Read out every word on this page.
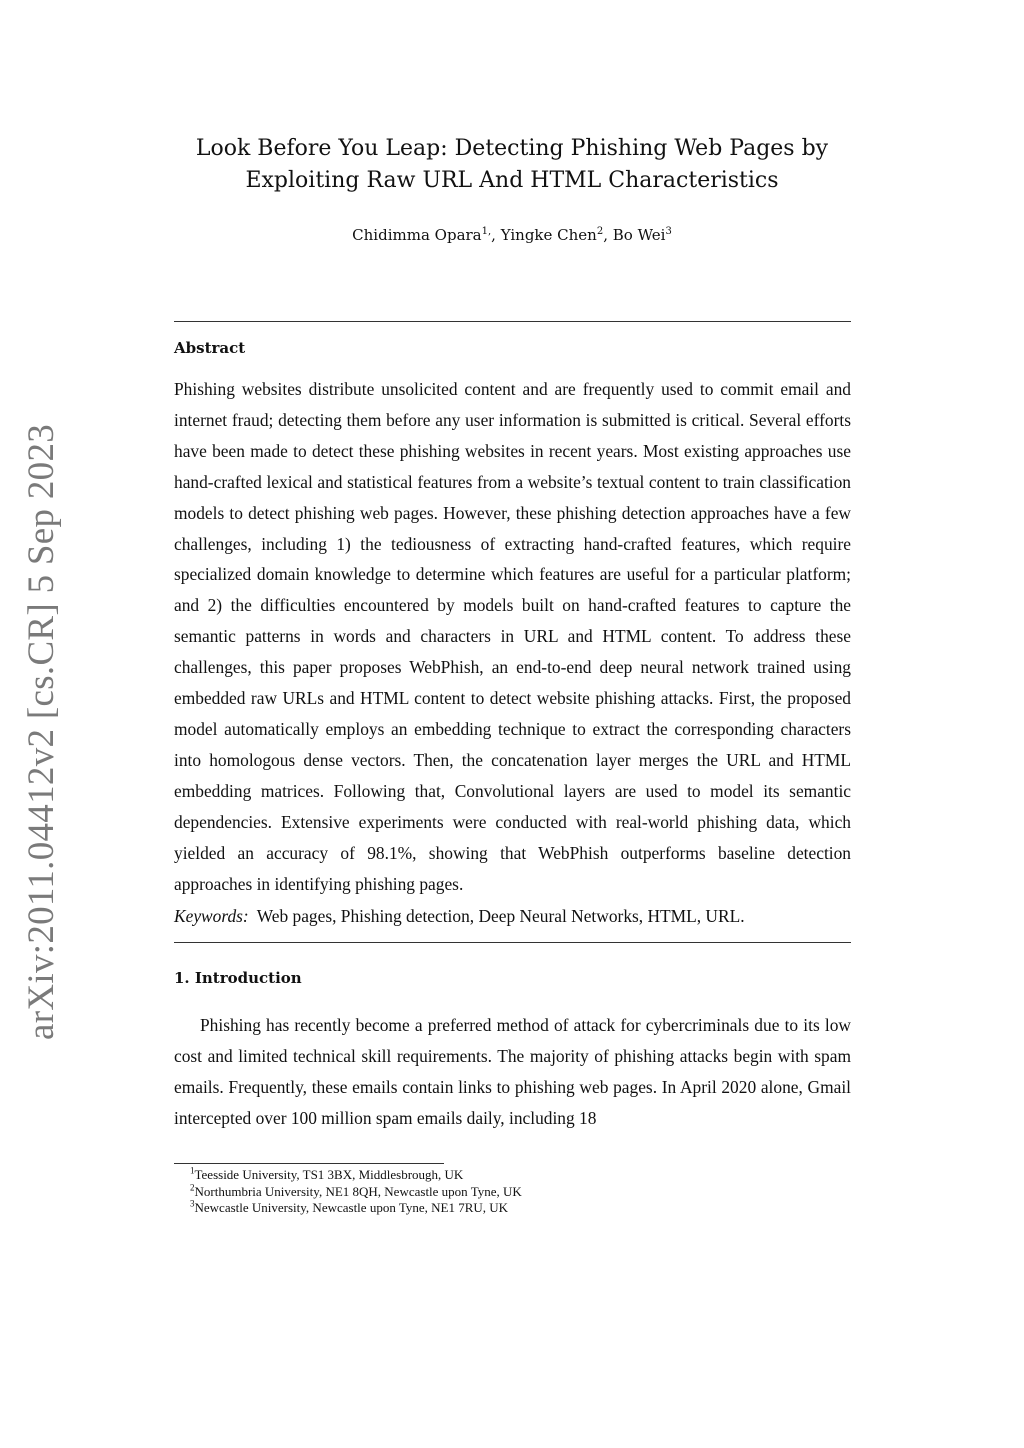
arXiv:2011.04412v2 [cs.CR] 5 Sep 2023
Look Before You Leap: Detecting Phishing Web Pages by Exploiting Raw URL And HTML Characteristics
Chidimma Opara$^{1,}$, Yingke Chen$^2$, Bo Wei$^3$
Abstract

Phishing websites distribute unsolicited content and are frequently used to commit email and internet fraud; detecting them before any user information is submitted is critical. Several efforts have been made to detect these phishing websites in recent years. Most existing approaches use hand-crafted lexical and statistical features from a website’s textual content to train classification models to detect phishing web pages. However, these phishing detection approaches have a few challenges, including 1) the tediousness of extracting hand-crafted features, which require specialized domain knowledge to determine which features are useful for a particular platform; and 2) the difficulties encountered by models built on hand-crafted features to capture the semantic patterns in words and characters in URL and HTML content. To address these challenges, this paper proposes WebPhish, an end-to-end deep neural network trained using embedded raw URLs and HTML content to detect website phishing attacks. First, the proposed model automatically employs an embedding technique to extract the corresponding characters into homologous dense vectors. Then, the concatenation layer merges the URL and HTML embedding matrices. Following that, Convolutional layers are used to model its semantic dependencies. Extensive experiments were conducted with real-world phishing data, which yielded an accuracy of 98.1%, showing that WebPhish outperforms baseline detection approaches in identifying phishing pages.

Keywords: Web pages, Phishing detection, Deep Neural Networks, HTML, URL.

1. Introduction

Phishing has recently become a preferred method of attack for cybercriminals due to its low cost and limited technical skill requirements. The majority of phishing attacks begin with spam emails. Frequently, these emails contain links to phishing web pages. In April 2020 alone, Gmail intercepted over 100 million spam emails daily, including 18

$^1$Teesside University, TS1 3BX, Middlesbrough, UK
$^2$Northumbria University, NE1 8QH, Newcastle upon Tyne, UK
$^3$Newcastle University, Newcastle upon Tyne, NE1 7RU, UK
